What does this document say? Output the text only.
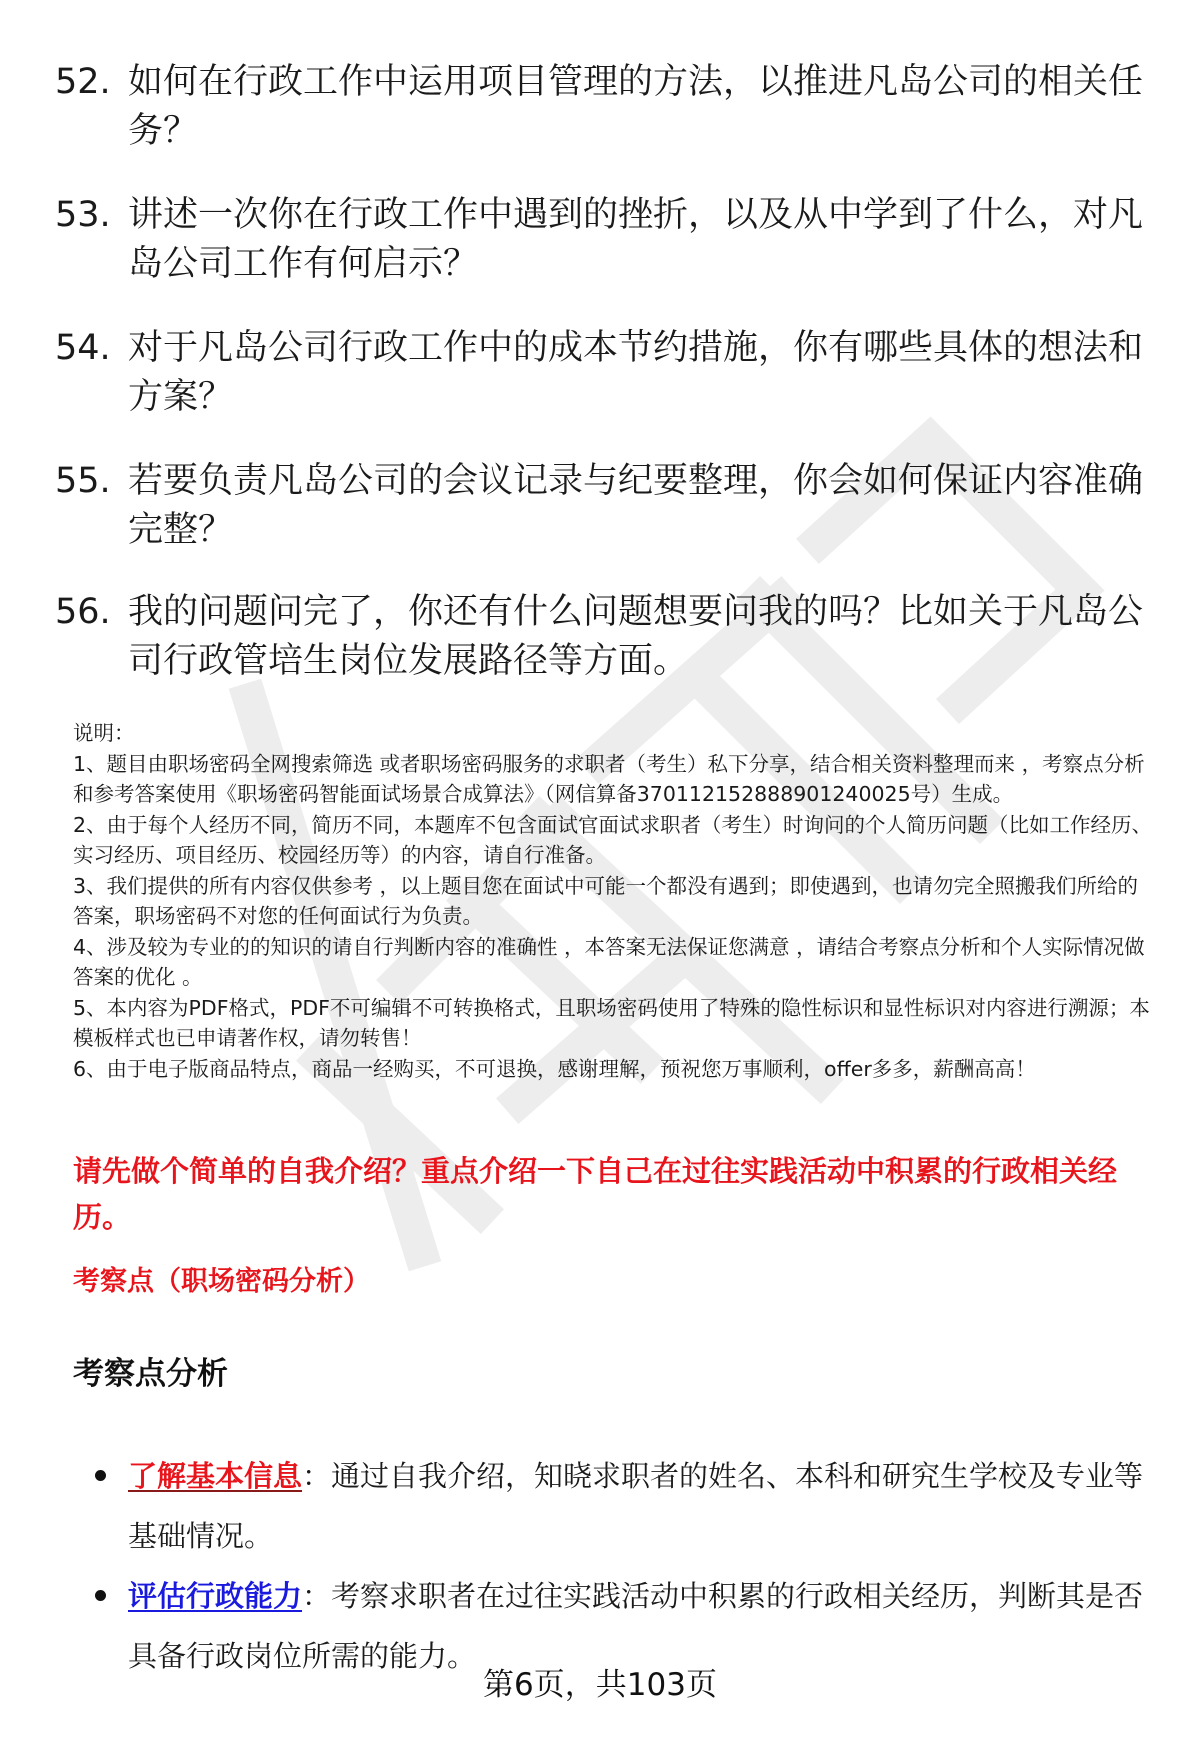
52. 如何在行政工作中运用项目管理的方法，以推进凡岛公司的相关任务？
53. 讲述一次你在行政工作中遇到的挫折，以及从中学到了什么，对凡岛公司工作有何启示？
54. 对于凡岛公司行政工作中的成本节约措施，你有哪些具体的想法和方案？
55. 若要负责凡岛公司的会议记录与纪要整理，你会如何保证内容准确完整？
56. 我的问题问完了，你还有什么问题想要问我的吗？比如关于凡岛公司行政管培生岗位发展路径等方面。

说明：

1、题目由职场密码全网搜索筛选 或者职场密码服务的求职者（考生）私下分享，结合相关资料整理而来 ，考察点分析和参考答案使用《职场密码智能面试场景合成算法》（网信算备370112152888901240025号）生成。

2、由于每个人经历不同，简历不同，本题库不包含面试官面试求职者（考生）时询问的个人简历问题（比如工作经历、实习经历、项目经历、校园经历等）的内容，请自行准备。

3、我们提供的所有内容仅供参考 ，以上题目您在面试中可能一个都没有遇到；即使遇到，也请勿完全照搬我们所给的答案，职场密码不对您的任何面试行为负责。

4、涉及较为专业的的知识的请自行判断内容的准确性 ，本答案无法保证您满意 ，请结合考察点分析和个人实际情况做答案的优化 。

5、本内容为PDF格式，PDF不可编辑不可转换格式，且职场密码使用了特殊的隐性标识和显性标识对内容进行溯源；本模板样式也已申请著作权，请勿转售！

6、由于电子版商品特点，商品一经购买，不可退换，感谢理解，预祝您万事顺利，offer多多，薪酬高高！

请先做个简单的自我介绍？重点介绍一下自己在过往实践活动中积累的行政相关经历。
考察点（职场密码分析）
考察点分析
了解基本信息：通过自我介绍，知晓求职者的姓名、本科和研究生学校及专业等基础情况。
评估行政能力：考察求职者在过往实践活动中积累的行政相关经历，判断其是否具备行政岗位所需的能力。
第6页，共103页
